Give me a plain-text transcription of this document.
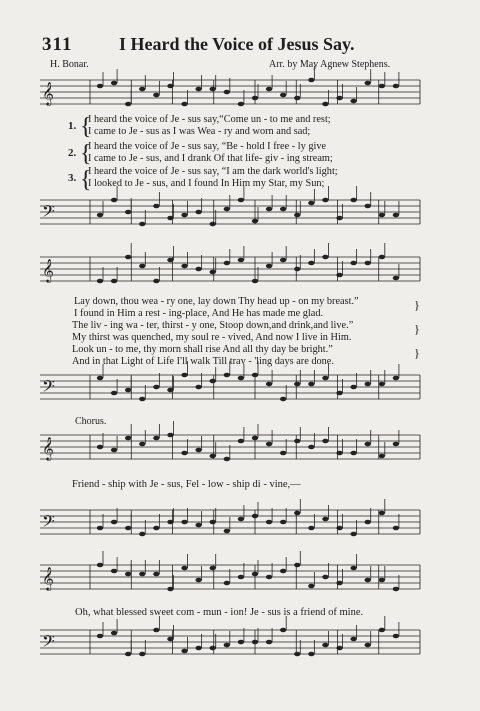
311	I Heard the Voice of Jesus Say.
H. Bonar.	Arr. by May Agnew Stephens.
𝄞
𝄢
𝄞
𝄢
𝄞
𝄢
𝄞
𝄢
1. {
I heard the voice of Je - sus say,“Come un - to me and rest;
I came to Je - sus as I was Wea - ry and worn and sad;
2. {
I heard the voice of Je - sus say, “Be - hold I free - ly give
I came to Je - sus, and I drank Of that life- giv - ing stream;
3. {
I heard the voice of Je - sus say, “I am the dark world's light;
I looked to Je - sus, and I found In Him my Star, my Sun;
Lay down, thou wea - ry one, lay down Thy head up - on my breast.”
I found in Him a rest - ing-place, And He has made me glad.
The liv - ing wa - ter, thirst - y one, Stoop down,and drink,and live.”
My thirst was quenched, my soul re - vived, And now I live in Him.
Look un - to me, thy morn shall rise And all thy day be bright.”
And in that Light of Life I'll walk Till trav - 'ling days are done.
}
}
}
Chorus.
Friend - ship with Je - sus, Fel - low - ship di - vine,—
Oh, what blessed sweet com - mun - ion! Je - sus is a friend of mine.
